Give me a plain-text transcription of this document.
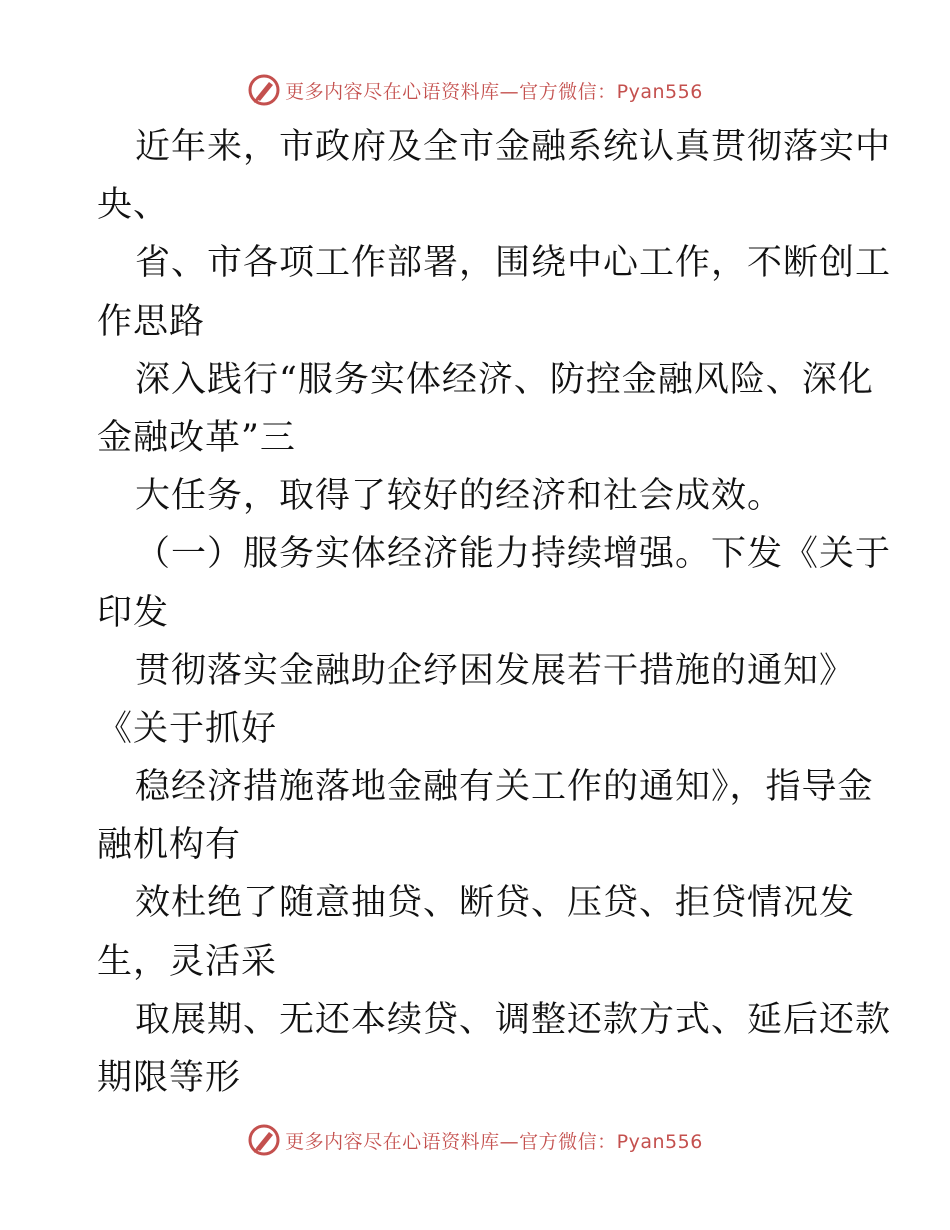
更多内容尽在心语资料库—官方微信：Pyan556
近年来，市政府及全市金融系统认真贯彻落实中
央、
省、市各项工作部署，围绕中心工作，不断创工
作思路
深入践行“服务实体经济、防控金融风险、深化
金融改革”三
大任务，取得了较好的经济和社会成效。
（一）服务实体经济能力持续增强。下发《关于
印发
贯彻落实金融助企纾困发展若干措施的通知》
《关于抓好
稳经济措施落地金融有关工作的通知》，指导金
融机构有
效杜绝了随意抽贷、断贷、压贷、拒贷情况发
生，灵活采
取展期、无还本续贷、调整还款方式、延后还款
期限等形
更多内容尽在心语资料库—官方微信：Pyan556
